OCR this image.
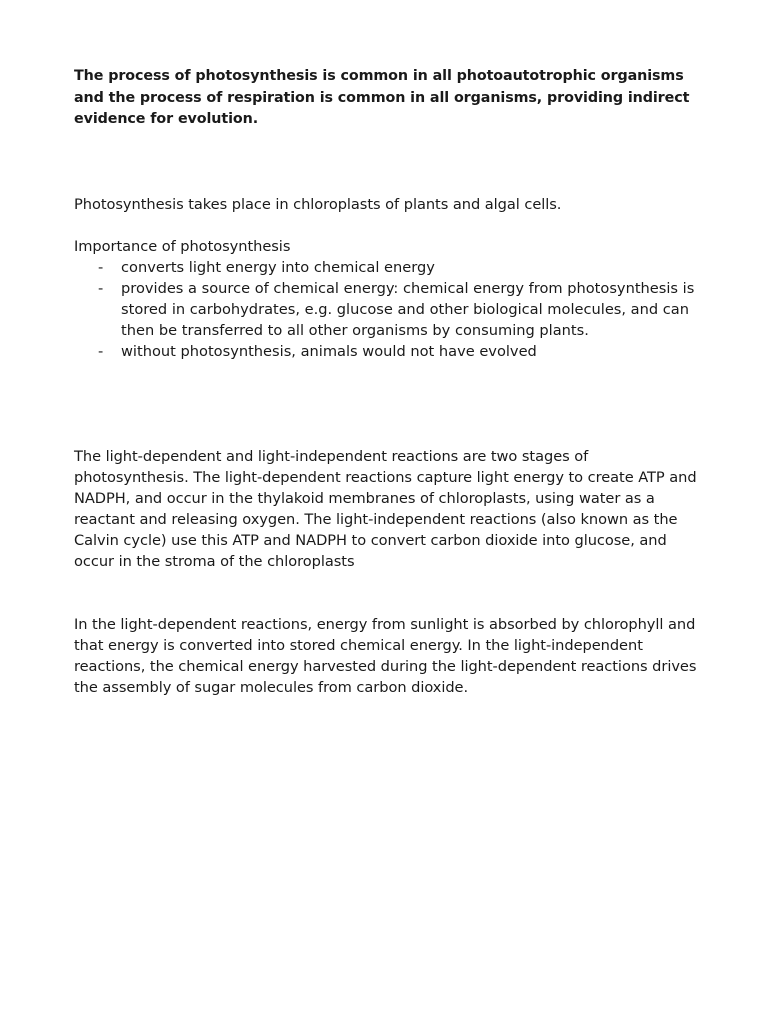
The process of photosynthesis is common in all photoautotrophic organisms and the process of respiration is common in all organisms, providing indirect evidence for evolution.

Photosynthesis takes place in chloroplasts of plants and algal cells.

Importance of photosynthesis

- converts light energy into chemical energy
- provides a source of chemical energy: chemical energy from photosynthesis is stored in carbohydrates, e.g. glucose and other biological molecules, and can then be transferred to all other organisms by consuming plants.
- without photosynthesis, animals would not have evolved

The light-dependent and light-independent reactions are two stages of photosynthesis. The light-dependent reactions capture light energy to create ATP and NADPH, and occur in the thylakoid membranes of chloroplasts, using water as a reactant and releasing oxygen. The light-independent reactions (also known as the Calvin cycle) use this ATP and NADPH to convert carbon dioxide into glucose, and occur in the stroma of the chloroplasts

In the light-dependent reactions, energy from sunlight is absorbed by chlorophyll and that energy is converted into stored chemical energy. In the light-independent reactions, the chemical energy harvested during the light-dependent reactions drives the assembly of sugar molecules from carbon dioxide.
